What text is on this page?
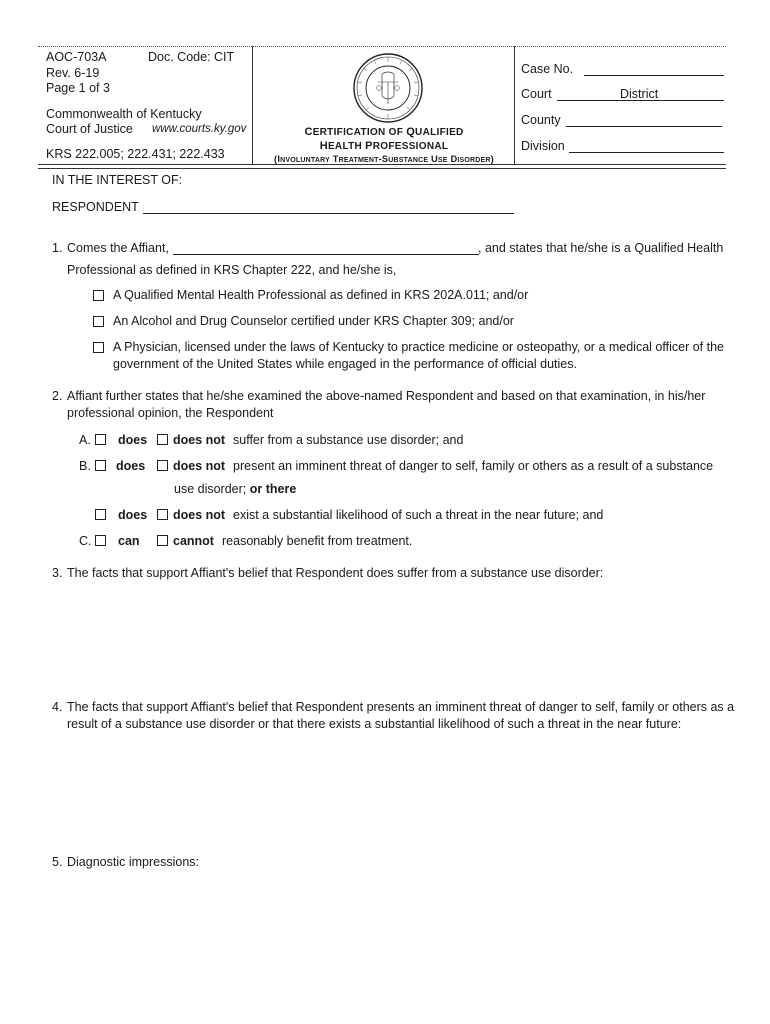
AOC-703A	Doc. Code: CIT
Rev. 6-19
Page 1 of 3
Commonwealth of Kentucky
Court of Justice www.courts.ky.gov
KRS 222.005; 222.431; 222.433
CERTIFICATION OF QUALIFIED
HEALTH PROFESSIONAL
(Involuntary Treatment-Substance Use Disorder)
Case No.
Court	District
County
Division
IN THE INTEREST OF:
RESPONDENT
1. Comes the Affiant,	, and states that he/she is a Qualified Health
Professional as defined in KRS Chapter 222, and he/she is,
A Qualified Mental Health Professional as defined in KRS 202A.011; and/or
An Alcohol and Drug Counselor certified under KRS Chapter 309; and/or
A Physician, licensed under the laws of Kentucky to practice medicine or osteopathy, or a medical officer of the
government of the United States while engaged in the performance of official duties.
2. Affiant further states that he/she examined the above-named Respondent and based on that examination, in his/her
professional opinion, the Respondent
A. does does not suffer from a substance use disorder; and
B. does does not present an imminent threat of danger to self, family or others as a result of a substance
use disorder; or there
does does not exist a substantial likelihood of such a threat in the near future; and
C. can	cannot reasonably benefit from treatment.
3. The facts that support Affiant's belief that Respondent does suffer from a substance use disorder:
4. The facts that support Affiant's belief that Respondent presents an imminent threat of danger to self, family or others as a
result of a substance use disorder or that there exists a substantial likelihood of such a threat in the near future:
5. Diagnostic impressions:
